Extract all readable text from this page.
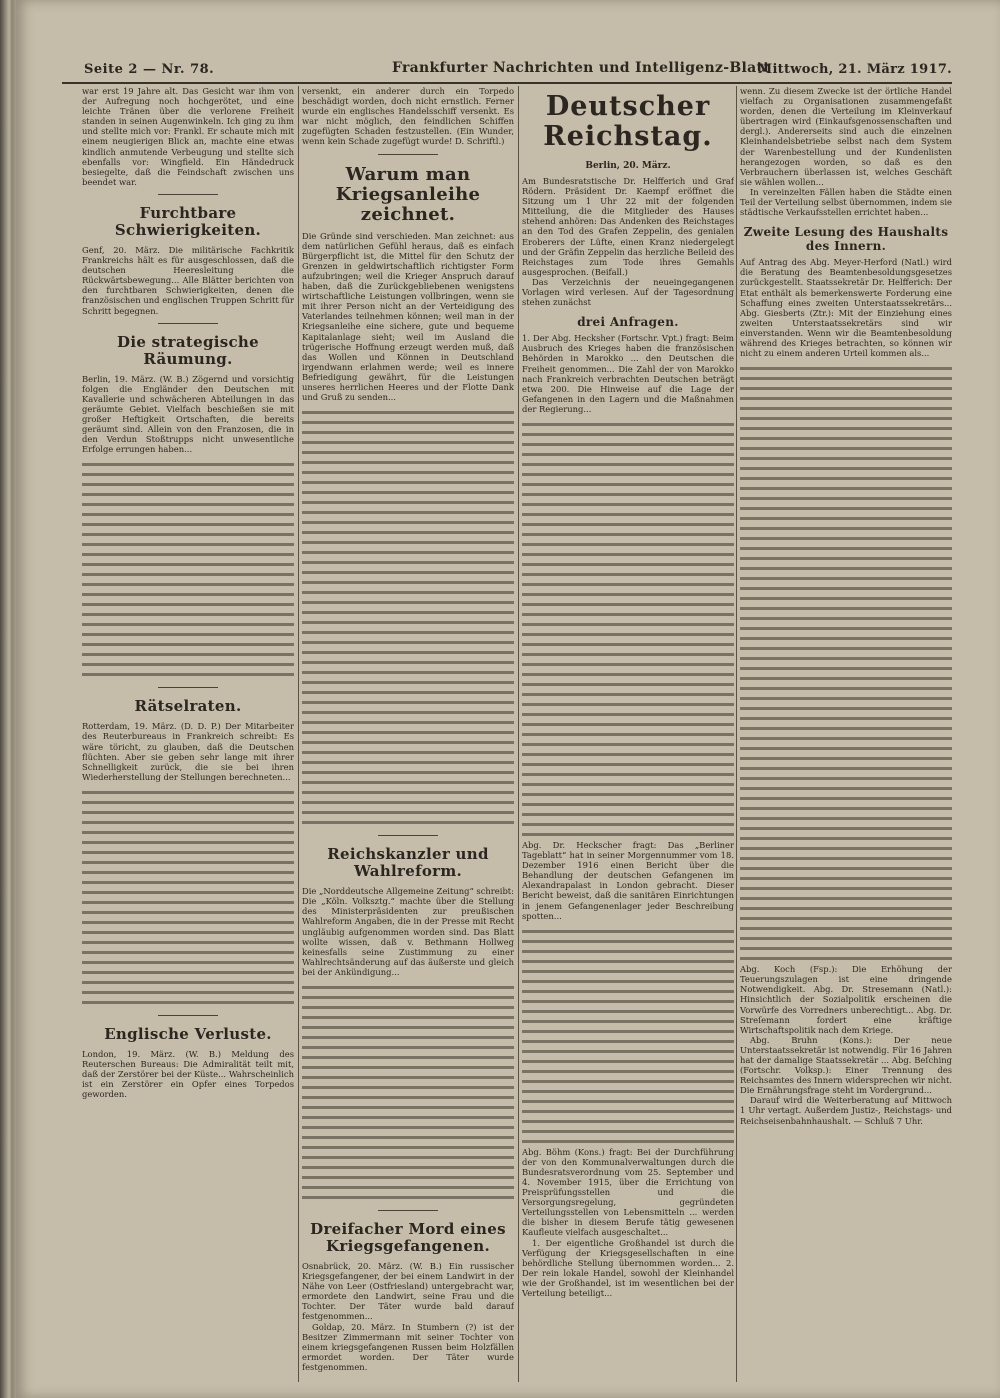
Seite 2 — Nr. 78.	Frankfurter Nachrichten und Intelligenz-Blatt
Mittwoch, 21. März 1917.

war erst 19 Jahre alt. Das Gesicht war ihm von der Aufregung noch hochgerötet, und eine leichte Tränen über die verlorene Freiheit standen in seinen Augenwinkeln. Ich ging zu ihm und stellte mich vor: Frankl. Er schaute mich mit einem neugierigen Blick an, machte eine etwas kindlich anmutende Verbeugung und stellte sich ebenfalls vor: Wingfield. Ein Händedruck besiegelte, daß die Feindschaft zwischen uns beendet war.

Furchtbare Schwierigkeiten.

Genf, 20. März. Die militärische Fachkritik Frankreichs hält es für ausgeschlossen, daß die deutschen Heeresleitung die Rückwärtsbewegung... Alle Blätter berichten von den furchtbaren Schwierigkeiten, denen die französischen und englischen Truppen Schritt für Schritt begegnen.

Die strategische Räumung.

Berlin, 19. März. (W. B.) Zögernd und vorsichtig folgen die Engländer den Deutschen mit Kavallerie und schwächeren Abteilungen in das geräumte Gebiet. Vielfach beschießen sie mit großer Heftigkeit Ortschaften, die bereits geräumt sind. Allein von den Franzosen, die in den Verdun Stoßtrupps nicht unwesentliche Erfolge errungen haben...

Rätselraten.

Rotterdam, 19. März. (D. D. P.) Der Mitarbeiter des Reuterbureaus in Frankreich schreibt: Es wäre töricht, zu glauben, daß die Deutschen flüchten. Aber sie geben sehr lange mit ihrer Schnelligkeit zurück, die sie bei ihren Wiederherstellung der Stellungen berechneten...

Englische Verluste.

London, 19. März. (W. B.) Meldung des Reuterschen Bureaus: Die Admiralität teilt mit, daß der Zerstörer bei der Küste... Wahrscheinlich ist ein Zerstörer ein Opfer eines Torpedos geworden.

versenkt, ein anderer durch ein Torpedo beschädigt worden, doch nicht ernstlich. Ferner wurde ein englisches Handelsschiff versenkt. Es war nicht möglich, den feindlichen Schiffen zugefügten Schaden festzustellen. (Ein Wunder, wenn kein Schade zugefügt wurde! D. Schriftl.)

Warum man Kriegsanleihe zeichnet.

Die Gründe sind verschieden. Man zeichnet: aus dem natürlichen Gefühl heraus, daß es einfach Bürgerpflicht ist, die Mittel für den Schutz der Grenzen in geldwirtschaftlich richtigster Form aufzubringen; weil die Krieger Anspruch darauf haben, daß die Zurückgebliebenen wenigstens wirtschaftliche Leistungen vollbringen, wenn sie mit ihrer Person nicht an der Verteidigung des Vaterlandes teilnehmen können; weil man in der Kriegsanleihe eine sichere, gute und bequeme Kapitalanlage sieht; weil im Ausland die trügerische Hoffnung erzeugt werden muß, daß das Wollen und Können in Deutschland irgendwann erlahmen werde; weil es innere Befriedigung gewährt, für die Leistungen unseres herrlichen Heeres und der Flotte Dank und Gruß zu senden...

Reichskanzler und Wahlreform.

Die „Norddeutsche Allgemeine Zeitung“ schreibt: Die „Köln. Volksztg.“ machte über die Stellung des Ministerpräsidenten zur preußischen Wahlreform Angaben, die in der Presse mit Recht ungläubig aufgenommen worden sind. Das Blatt wollte wissen, daß v. Bethmann Hollweg keinesfalls seine Zustimmung zu einer Wahlrechtsänderung auf das äußerste und gleich bei der Ankündigung...

Dreifacher Mord eines Kriegsgefangenen.

Osnabrück, 20. März. (W. B.) Ein russischer Kriegsgefangener, der bei einem Landwirt in der Nähe von Leer (Ostfriesland) untergebracht war, ermordete den Landwirt, seine Frau und die Tochter. Der Täter wurde bald darauf festgenommen...

Goldap, 20. März. In Stumbern (?) ist der Besitzer Zimmermann mit seiner Tochter von einem kriegsgefangenen Russen beim Holzfällen ermordet worden. Der Täter wurde festgenommen.

Deutscher Reichstag.
Berlin, 20. März.

Am Bundesratstische Dr. Helfferich und Graf Rödern. Präsident Dr. Kaempf eröffnet die Sitzung um 1 Uhr 22 mit der folgenden Mitteilung, die die Mitglieder des Hauses stehend anhören: Das Andenken des Reichstages an den Tod des Grafen Zeppelin, des genialen Eroberers der Lüfte, einen Kranz niedergelegt und der Gräfin Zeppelin das herzliche Beileid des Reichstages zum Tode ihres Gemahls ausgesprochen. (Beifall.)

Das Verzeichnis der neueingegangenen Vorlagen wird verlesen. Auf der Tagesordnung stehen zunächst

drei Anfragen.

1. Der Abg. Hecksher (Fortschr. Vpt.) fragt: Beim Ausbruch des Krieges haben die französischen Behörden in Marokko ... den Deutschen die Freiheit genommen... Die Zahl der von Marokko nach Frankreich verbrachten Deutschen beträgt etwa 200. Die Hinweise auf die Lage der Gefangenen in den Lagern und die Maßnahmen der Regierung...

Abg. Dr. Heckscher fragt: Das „Berliner Tageblatt“ hat in seiner Morgennummer vom 18. Dezember 1916 einen Bericht über die Behandlung der deutschen Gefangenen im Alexandrapalast in London gebracht. Dieser Bericht beweist, daß die sanitären Einrichtungen in jenem Gefangenenlager jeder Beschreibung spotten...

Abg. Böhm (Kons.) fragt: Bei der Durchführung der von den Kommunalverwaltungen durch die Bundesratsverordnung vom 25. September und 4. November 1915, über die Errichtung von Preisprüfungsstellen und die Versorgungsregelung, gegründeten Verteilungsstellen von Lebensmitteln ... werden die bisher in diesem Berufe tätig gewesenen Kaufleute vielfach ausgeschaltet...

1. Der eigentliche Großhandel ist durch die Verfügung der Kriegsgesellschaften in eine behördliche Stellung übernommen worden... 2. Der rein lokale Handel, sowohl der Kleinhandel wie der Großhandel, ist im wesentlichen bei der Verteilung beteiligt...

wenn. Zu diesem Zwecke ist der örtliche Handel vielfach zu Organisationen zusammengefaßt worden, denen die Verteilung im Kleinverkauf übertragen wird (Einkaufsgenossenschaften und dergl.). Andererseits sind auch die einzelnen Kleinhandelsbetriebe selbst nach dem System der Warenbestellung und der Kundenlisten herangezogen worden, so daß es den Verbrauchern überlassen ist, welches Geschäft sie wählen wollen...

In vereinzelten Fällen haben die Städte einen Teil der Verteilung selbst übernommen, indem sie städtische Verkaufsstellen errichtet haben...

Zweite Lesung des Haushalts des Innern.

Auf Antrag des Abg. Meyer-Herford (Natl.) wird die Beratung des Beamtenbesoldungsgesetzes zurückgestellt. Staatssekretär Dr. Helfferich: Der Etat enthält als bemerkenswerte Forderung eine Schaffung eines zweiten Unterstaatssekretärs... Abg. Giesberts (Ztr.): Mit der Einziehung eines zweiten Unterstaatssekretärs sind wir einverstanden. Wenn wir die Beamtenbesoldung während des Krieges betrachten, so können wir nicht zu einem anderen Urteil kommen als...

Abg. Koch (Fsp.): Die Erhöhung der Teuerungszulagen ist eine dringende Notwendigkeit. Abg. Dr. Stresemann (Natl.): Hinsichtlich der Sozialpolitik erscheinen die Vorwürfe des Vorredners unberechtigt... Abg. Dr. Streſemann fordert eine kräftige Wirtschaftspolitik nach dem Kriege.

Abg. Bruhn (Kons.): Der neue Unterstaatssekretär ist notwendig. Für 16 Jahren hat der damalige Staatssekretär ... Abg. Beſching (Fortschr. Volksp.): Einer Trennung des Reichsamtes des Innern widersprechen wir nicht. Die Ernährungsfrage steht im Vordergrund...

Darauf wird die Weiterberatung auf Mittwoch 1 Uhr vertagt. Außerdem Justiz-, Reichstags- und Reichseisenbahnhaushalt. — Schluß 7 Uhr.
